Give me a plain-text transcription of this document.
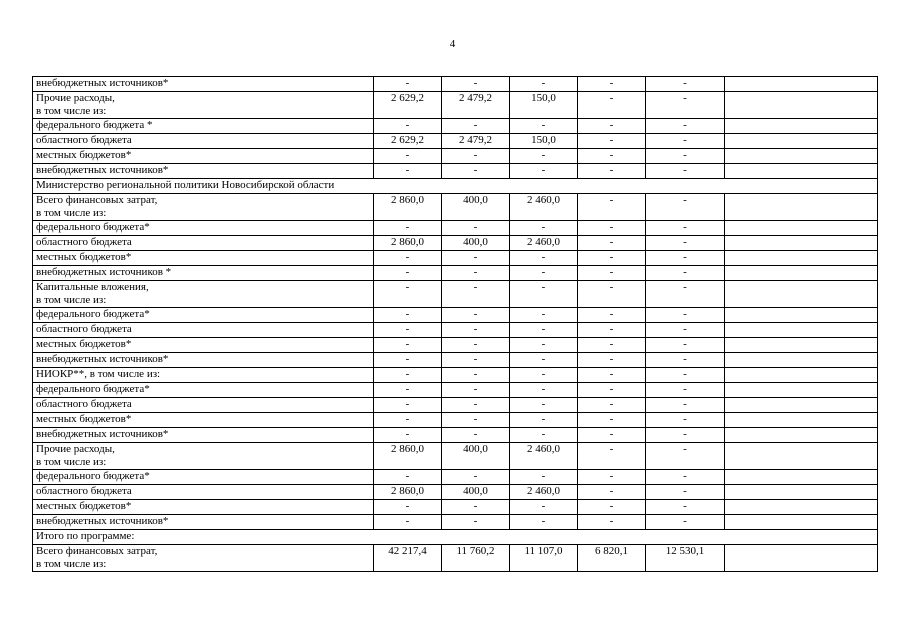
4
внебюджетных источников*	-	-	-	-	-	

Прочие расходы,
в том числе из:	2 629,2	2 479,2	150,0	-	-	

федерального бюджета *	-	-	-	-	-	

областного бюджета	2 629,2	2 479,2	150,0	-	-	

местных бюджетов*	-	-	-	-	-	

внебюджетных источников*	-	-	-	-	-	
Министерство региональной политики Новосибирской области						

Всего финансовых затрат,
в том числе из:	2 860,0	400,0	2 460,0	-	-	

федерального бюджета*	-	-	-	-	-	

областного бюджета	2 860,0	400,0	2 460,0	-	-	

местных бюджетов*	-	-	-	-	-	

внебюджетных источников *	-	-	-	-	-	

Капитальные вложения,
в том числе из:	-	-	-	-	-	

федерального бюджета*	-	-	-	-	-	

областного бюджета	-	-	-	-	-	

местных бюджетов*	-	-	-	-	-	

внебюджетных источников*	-	-	-	-	-	

НИОКР**, в том числе из:	-	-	-	-	-	

федерального бюджета*	-	-	-	-	-	

областного бюджета	-	-	-	-	-	

местных бюджетов*	-	-	-	-	-	

внебюджетных источников*	-	-	-	-	-	

Прочие расходы,
в том числе из:	2 860,0	400,0	2 460,0	-	-	

федерального бюджета*	-	-	-	-	-	

областного бюджета	2 860,0	400,0	2 460,0	-	-	

местных бюджетов*	-	-	-	-	-	

внебюджетных источников*	-	-	-	-	-	
Итого по программе:						

Всего финансовых затрат,
в том числе из:	42 217,4	11 760,2	11 107,0	6 820,1	12 530,1	
